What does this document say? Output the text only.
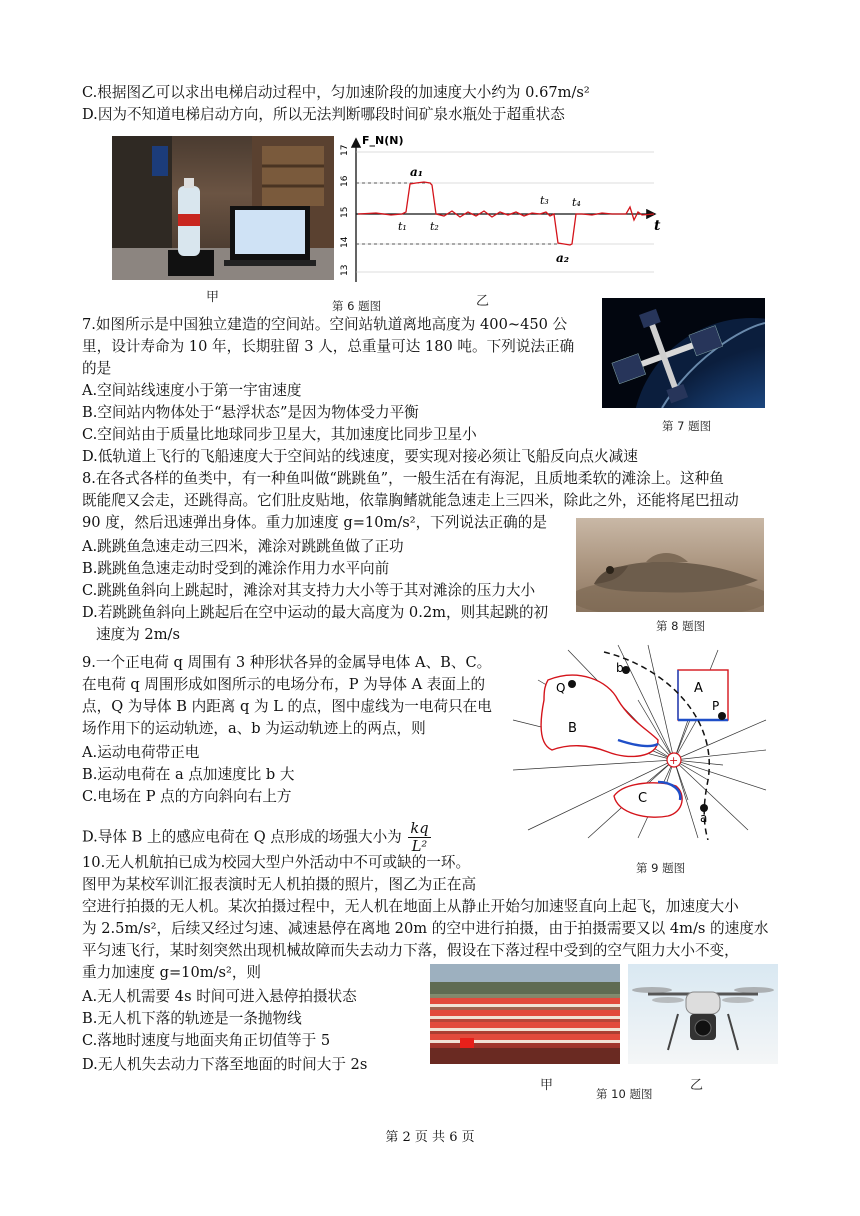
C.根据图乙可以求出电梯启动过程中，匀加速阶段的加速度大小约为 0.67m/s²
D.因为不知道电梯启动方向，所以无法判断哪段时间矿泉水瓶处于超重状态
甲
17
16
15
14
13
F_N(N)
a₁
a₂
t₁ t₂
t₃ t₄
t
乙
第 6 题图
7.如图所示是中国独立建造的空间站。空间站轨道离地高度为 400~450 公
里，设计寿命为 10 年，长期驻留 3 人，总重量可达 180 吨。下列说法正确
的是
A.空间站线速度小于第一宇宙速度
B.空间站内物体处于“悬浮状态”是因为物体受力平衡
C.空间站由于质量比地球同步卫星大，其加速度比同步卫星小
D.低轨道上飞行的飞船速度大于空间站的线速度，要实现对接必须让飞船反向点火减速
第 7 题图
8.在各式各样的鱼类中，有一种鱼叫做“跳跳鱼”，一般生活在有海泥，且质地柔软的滩涂上。这种鱼
既能爬又会走，还跳得高。它们肚皮贴地，依靠胸鳍就能急速走上三四米，除此之外，还能将尾巴扭动
90 度，然后迅速弹出身体。重力加速度 g=10m/s²，下列说法正确的是
A.跳跳鱼急速走动三四米，滩涂对跳跳鱼做了正功
B.跳跳鱼急速走动时受到的滩涂作用力水平向前
C.跳跳鱼斜向上跳起时，滩涂对其支持力大小等于其对滩涂的压力大小
D.若跳跳鱼斜向上跳起后在空中运动的最大高度为 0.2m，则其起跳的初
速度为 2m/s	第 8 题图
9.一个正电荷 q 周围有 3 种形状各异的金属导电体 A、B、C。
在电荷 q 周围形成如图所示的电场分布，P 为导体 A 表面上的
点，Q 为导体 B 内距离 q 为 L 的点，图中虚线为一电荷只在电
场作用下的运动轨迹，a、b 为运动轨迹上的两点，则
A.运动电荷带正电
B.运动电荷在 a 点加速度比 b 大
C.电场在 P 点的方向斜向右上方
D.导体 B 上的感应电荷在 Q 点形成的场强大小为 $\frac{kq}{\text{L²}}$
+
A
B
C
P
Q
a
b
第 9 题图
10.无人机航拍已成为校园大型户外活动中不可或缺的一环。
图甲为某校军训汇报表演时无人机拍摄的照片，图乙为正在高
空进行拍摄的无人机。某次拍摄过程中，无人机在地面上从静止开始匀加速竖直向上起飞，加速度大小
为 2.5m/s²，后续又经过匀速、减速悬停在离地 20m 的空中进行拍摄，由于拍摄需要又以 4m/s 的速度水
平匀速飞行，某时刻突然出现机械故障而失去动力下落，假设在下落过程中受到的空气阻力大小不变，
重力加速度 g=10m/s²，则
A.无人机需要 4s 时间可进入悬停拍摄状态
B.无人机下落的轨迹是一条抛物线
C.落地时速度与地面夹角正切值等于 5
D.无人机失去动力下落至地面的时间大于 2s
甲	乙
第 10 题图
第 2 页 共 6 页
